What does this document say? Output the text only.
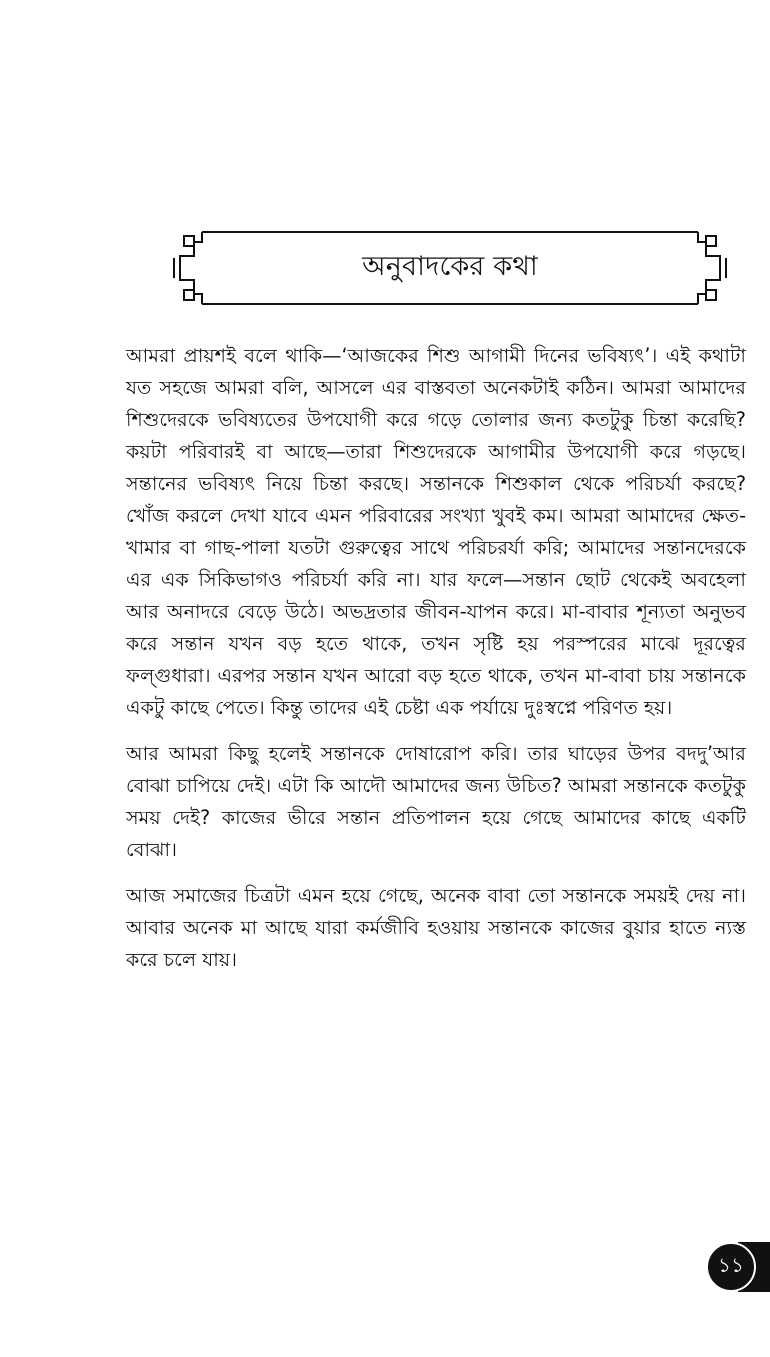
অনুবাদকের কথা

আমরা প্রায়শই বলে থাকি—‘আজকের শিশু আগামী দিনের ভবিষ্যৎ’। এই কথাটা যত সহজে আমরা বলি, আসলে এর বাস্তবতা অনেকটাই কঠিন। আমরা আমাদের শিশুদেরকে ভবিষ্যতের উপযোগী করে গড়ে তোলার জন্য কতটুকু চিন্তা করেছি? কয়টা পরিবারই বা আছে—তারা শিশুদেরকে আগামীর উপযোগী করে গড়ছে। সন্তানের ভবিষ্যৎ নিয়ে চিন্তা করছে। সন্তানকে শিশুকাল থেকে পরিচর্যা করছে? খোঁজ করলে দেখা যাবে এমন পরিবারের সংখ্যা খুবই কম। আমরা আমাদের ক্ষেত-খামার বা গাছ-পালা যতটা গুরুত্বের সাথে পরিচরর্যা করি; আমাদের সন্তানদেরকে এর এক সিকিভাগও পরিচর্যা করি না। যার ফলে—সন্তান ছোট থেকেই অবহেলা আর অনাদরে বেড়ে উঠে। অভদ্রতার জীবন-যাপন করে। মা-বাবার শূন্যতা অনুভব করে সন্তান যখন বড় হতে থাকে, তখন সৃষ্টি হয় পরস্পরের মাঝে দূরত্বের ফল্গুধারা। এরপর সন্তান যখন আরো বড় হতে থাকে, তখন মা-বাবা চায় সন্তানকে একটু কাছে পেতে। কিন্তু তাদের এই চেষ্টা এক পর্যায়ে দুঃস্বপ্নে পরিণত হয়।

আর আমরা কিছু হলেই সন্তানকে দোষারোপ করি। তার ঘাড়ের উপর বদদু’আর বোঝা চাপিয়ে দেই। এটা কি আদৌ আমাদের জন্য উচিত? আমরা সন্তানকে কতটুকু সময় দেই? কাজের ভীরে সন্তান প্রতিপালন হয়ে গেছে আমাদের কাছে একটি বোঝা।

আজ সমাজের চিত্রটা এমন হয়ে গেছে, অনেক বাবা তো সন্তানকে সময়ই দেয় না। আবার অনেক মা আছে যারা কর্মজীবি হওয়ায় সন্তানকে কাজের বুয়ার হাতে ন্যস্ত করে চলে যায়।

১১
